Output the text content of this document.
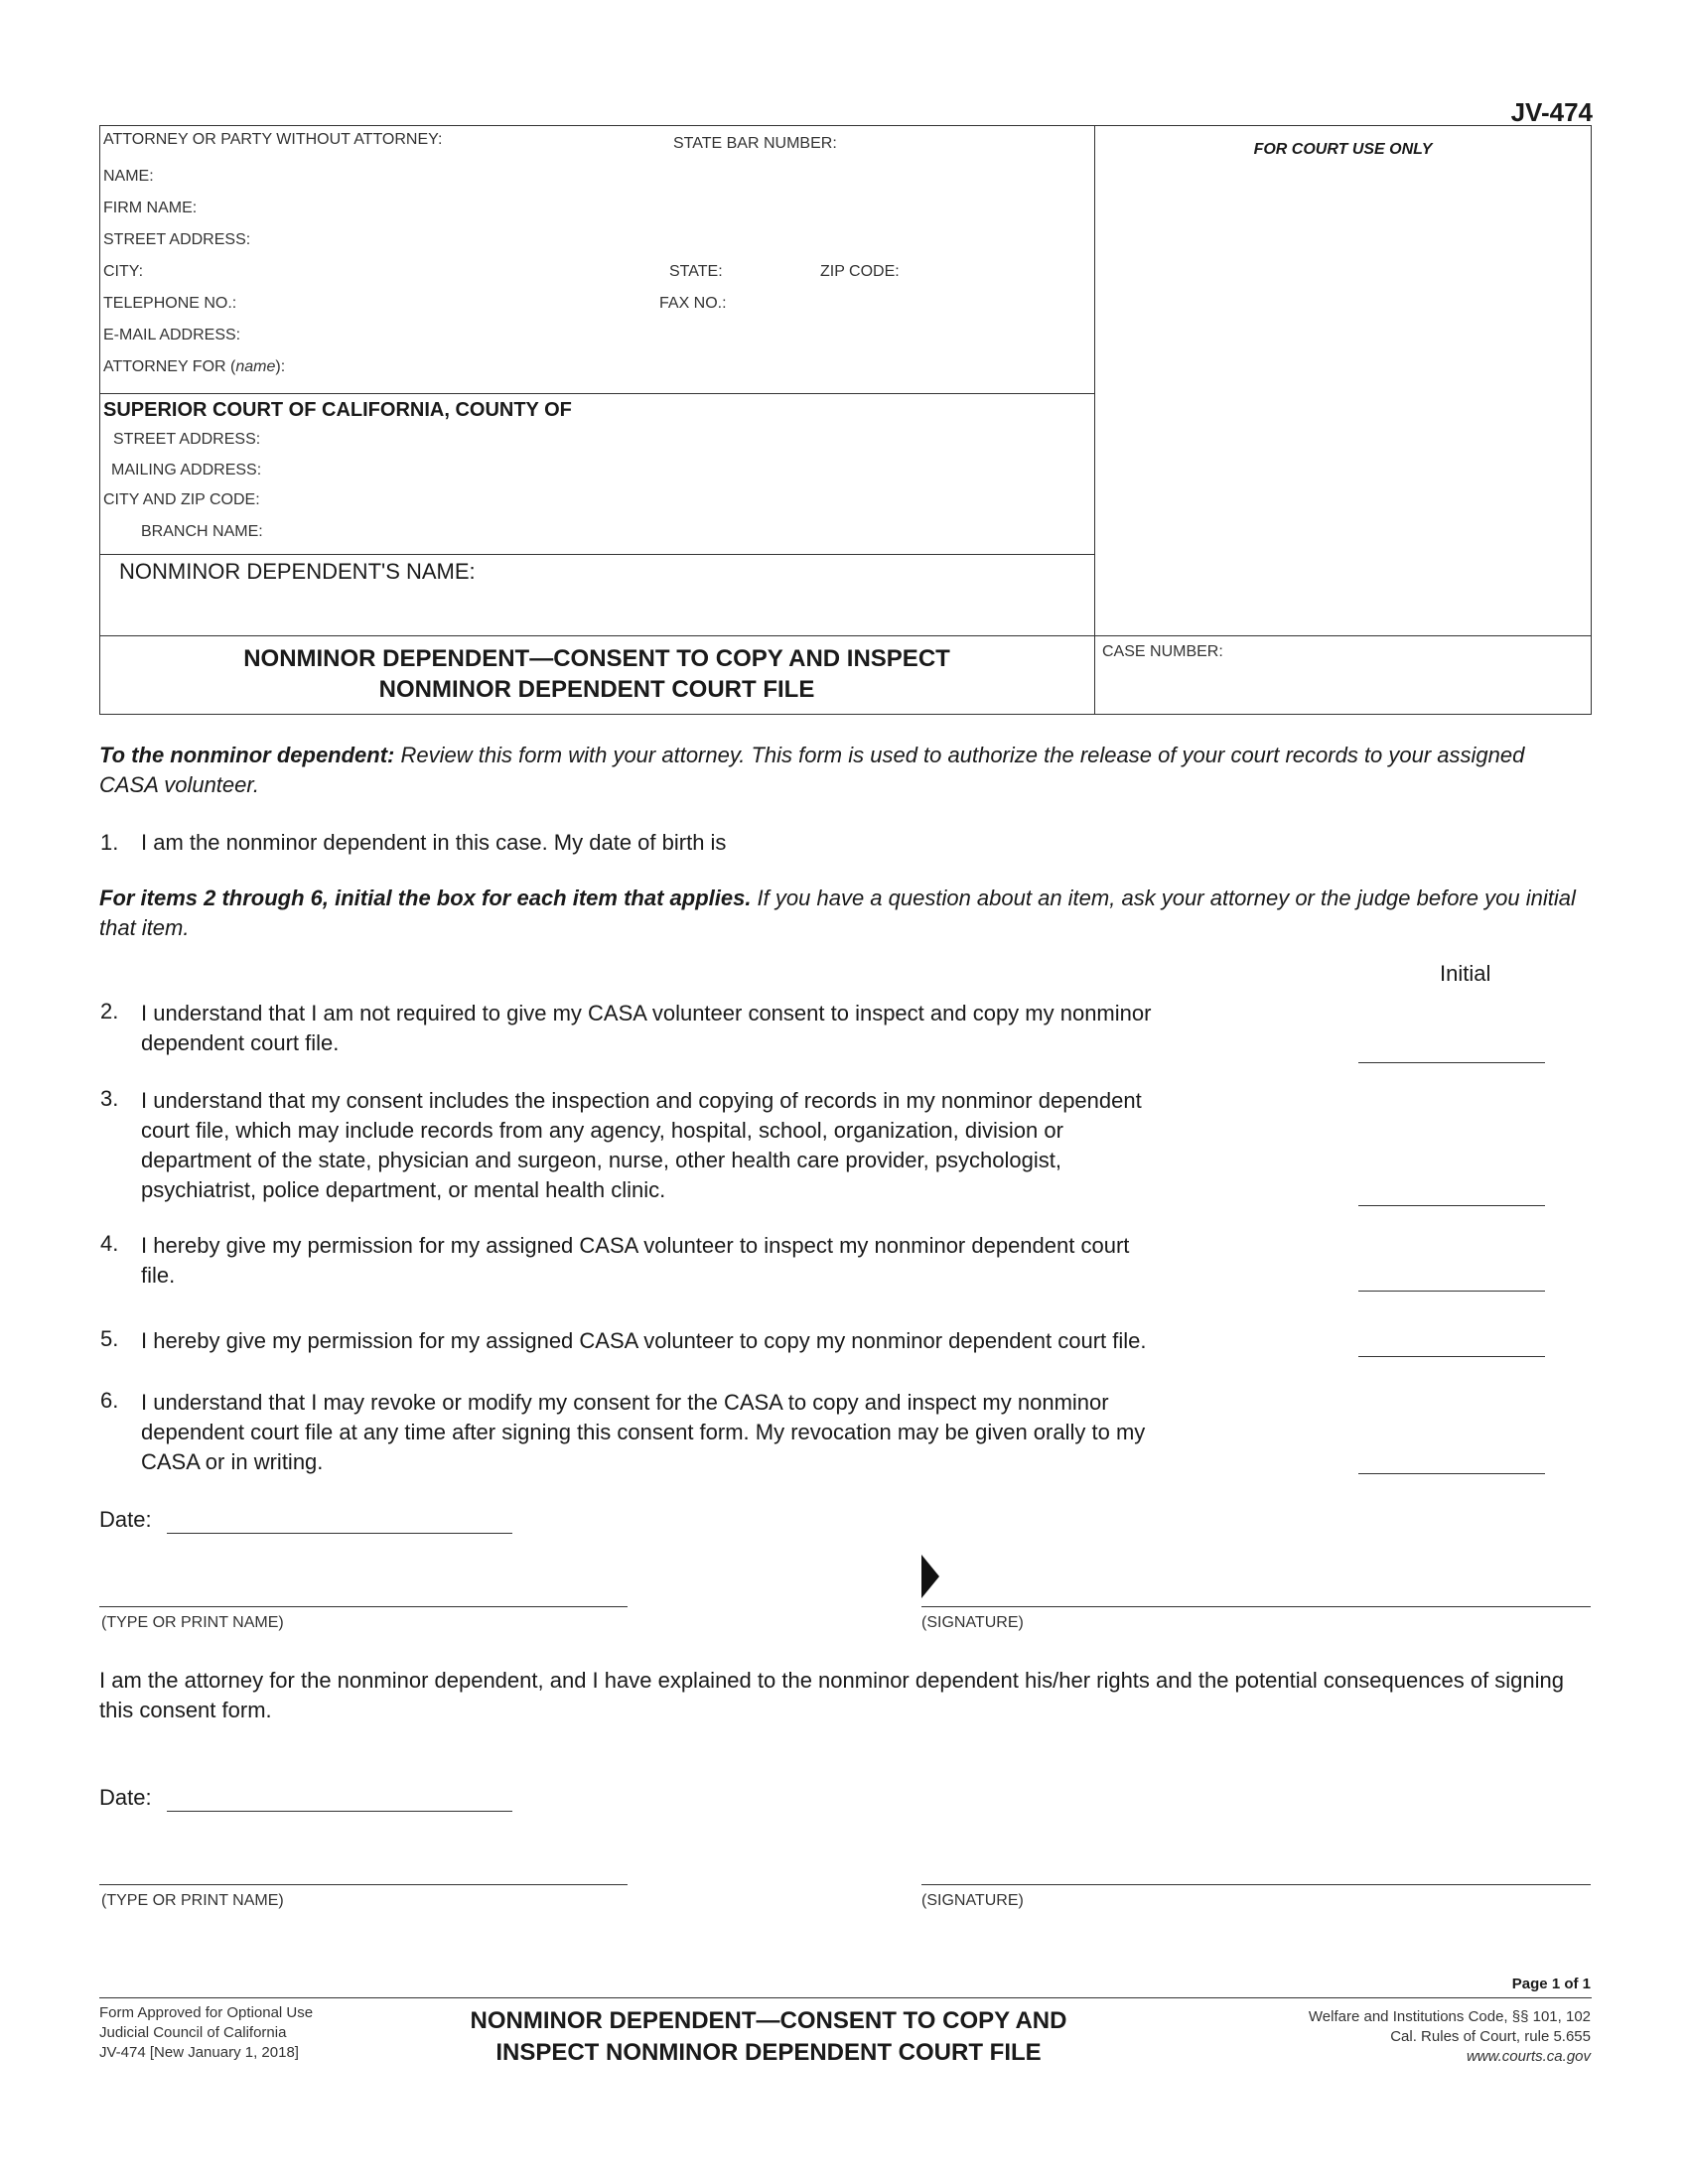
JV-474
ATTORNEY OR PARTY WITHOUT ATTORNEY:	STATE BAR NUMBER:
NAME:
FIRM NAME:
STREET ADDRESS:
CITY:	STATE:	ZIP CODE:
TELEPHONE NO.:	FAX NO.:
E-MAIL ADDRESS:
ATTORNEY FOR (name):
FOR COURT USE ONLY
SUPERIOR COURT OF CALIFORNIA, COUNTY OF
STREET ADDRESS:
MAILING ADDRESS:
CITY AND ZIP CODE:
BRANCH NAME:
NONMINOR DEPENDENT'S NAME:
NONMINOR DEPENDENT—CONSENT TO COPY AND INSPECT
NONMINOR DEPENDENT COURT FILE
CASE NUMBER:
To the nonminor dependent: Review this form with your attorney. This form is used to authorize the release of your court records to your assigned CASA volunteer.
1. I am the nonminor dependent in this case. My date of birth is
For items 2 through 6, initial the box for each item that applies. If you have a question about an item, ask your attorney or the judge before you initial that item.
Initial
2. I understand that I am not required to give my CASA volunteer consent to inspect and copy my nonminor
dependent court file.
3. I understand that my consent includes the inspection and copying of records in my nonminor dependent
court file, which may include records from any agency, hospital, school, organization, division or
department of the state, physician and surgeon, nurse, other health care provider, psychologist,
psychiatrist, police department, or mental health clinic.
4. I hereby give my permission for my assigned CASA volunteer to inspect my nonminor dependent court
file.
5. I hereby give my permission for my assigned CASA volunteer to copy my nonminor dependent court file.
6. I understand that I may revoke or modify my consent for the CASA to copy and inspect my nonminor
dependent court file at any time after signing this consent form. My revocation may be given orally to my
CASA or in writing.
Date:
(TYPE OR PRINT NAME)	(SIGNATURE)
I am the attorney for the nonminor dependent, and I have explained to the nonminor dependent his/her rights and the potential consequences of signing this consent form.
Date:
(TYPE OR PRINT NAME)	(SIGNATURE)
Page 1 of 1
Form Approved for Optional Use
Judicial Council of California
JV-474 [New January 1, 2018]
NONMINOR DEPENDENT—CONSENT TO COPY AND
INSPECT NONMINOR DEPENDENT COURT FILE
Welfare and Institutions Code, §§ 101, 102
Cal. Rules of Court, rule 5.655
www.courts.ca.gov
